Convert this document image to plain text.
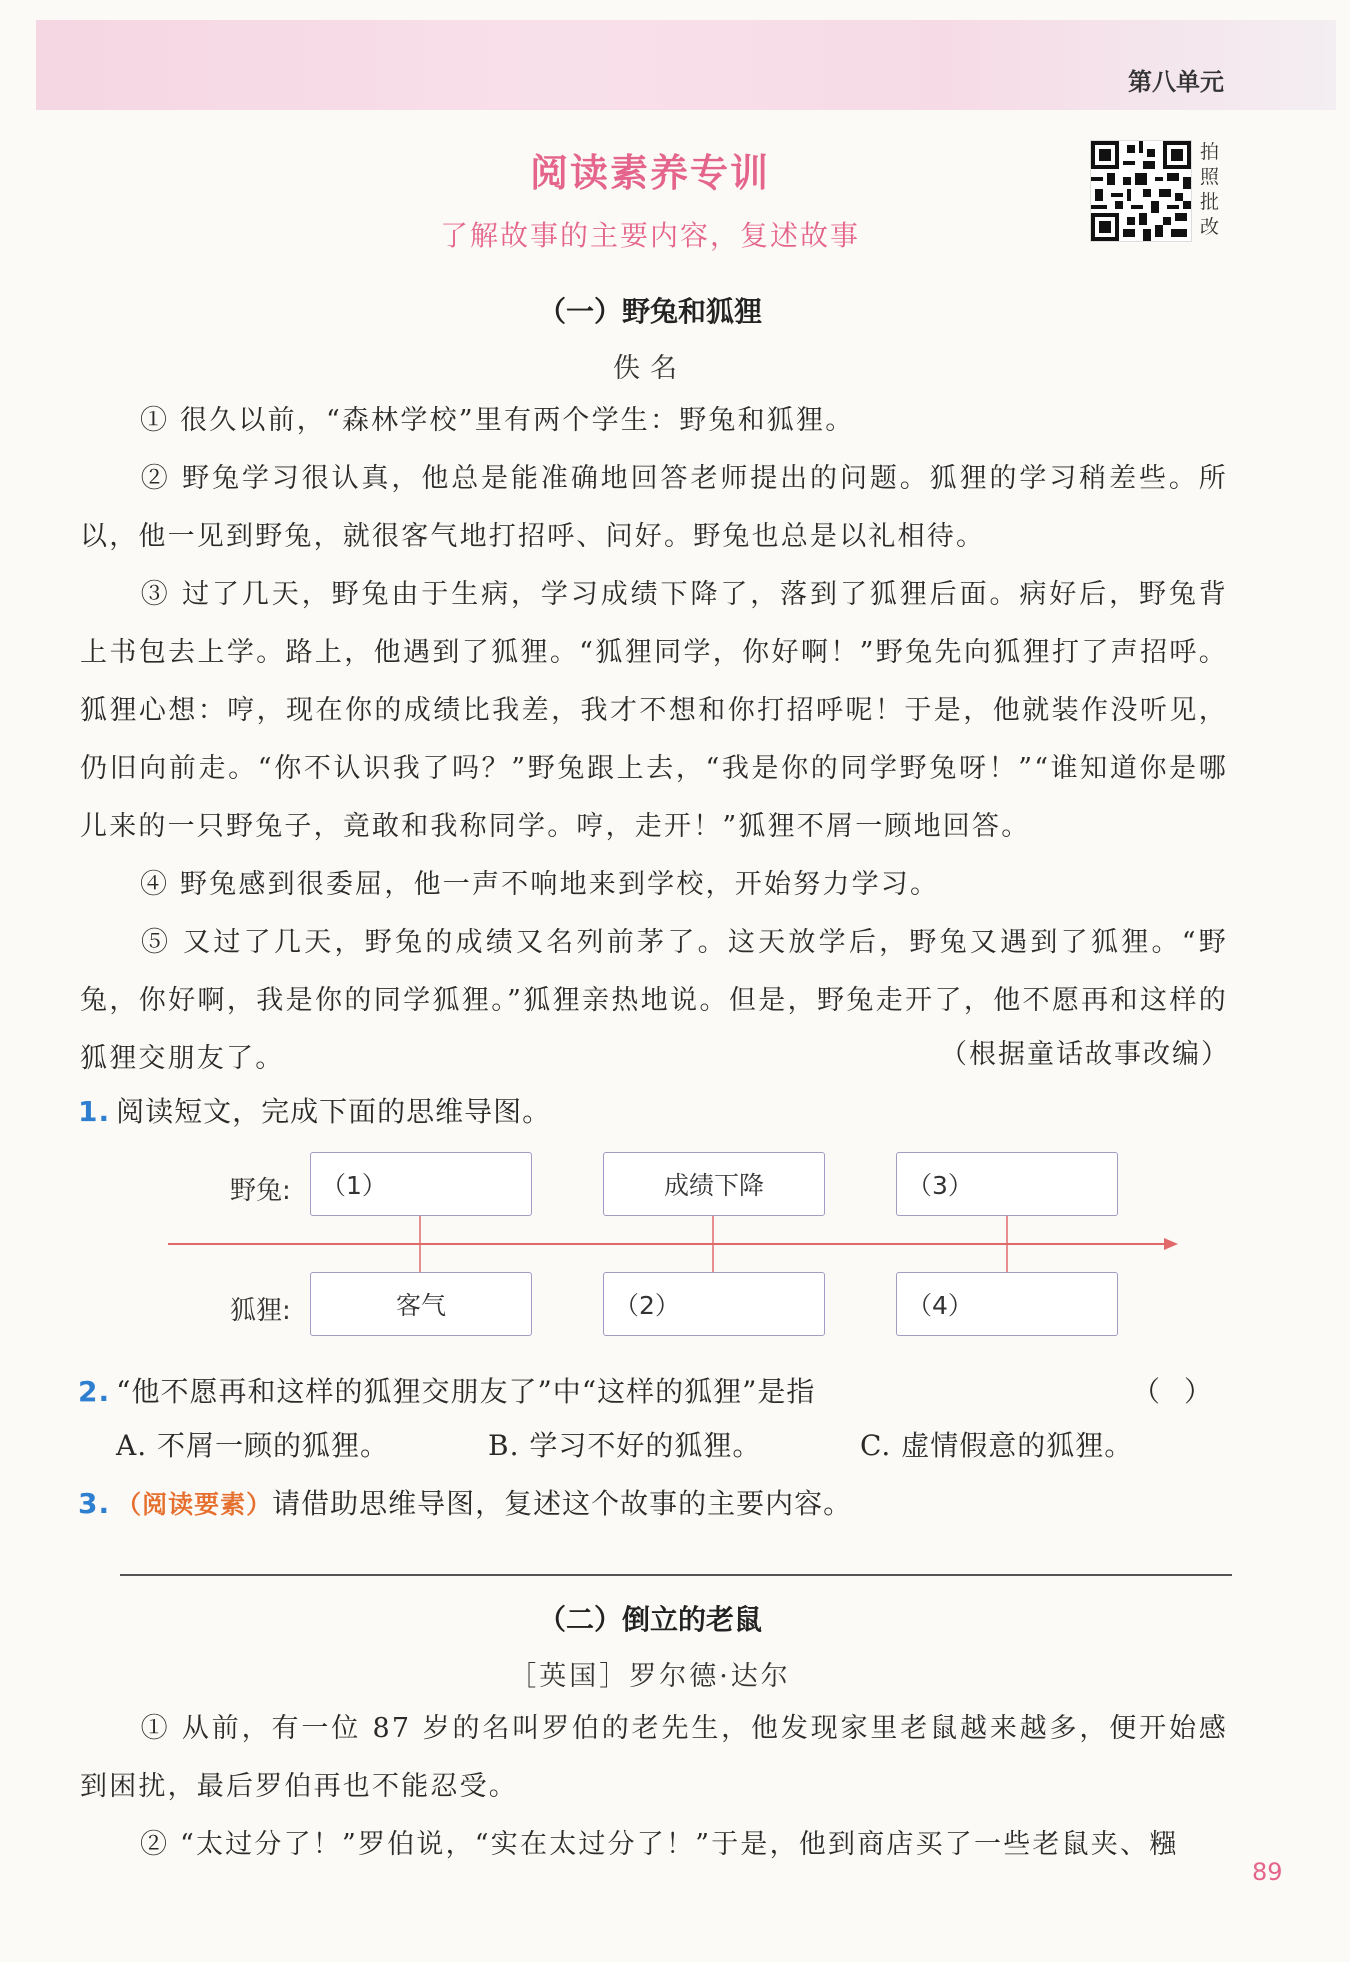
第八单元
阅读素养专训
了解故事的主要内容，复述故事
拍照批改
（一）野兔和狐狸
佚名
① 很久以前，“森林学校”里有两个学生：野兔和狐狸。
② 野兔学习很认真，他总是能准确地回答老师提出的问题。狐狸的学习稍差些。所以，他一见到野兔，就很客气地打招呼、问好。野兔也总是以礼相待。
③ 过了几天，野兔由于生病，学习成绩下降了，落到了狐狸后面。病好后，野兔背上书包去上学。路上，他遇到了狐狸。“狐狸同学，你好啊！”野兔先向狐狸打了声招呼。狐狸心想：哼，现在你的成绩比我差，我才不想和你打招呼呢！于是，他就装作没听见，仍旧向前走。“你不认识我了吗？”野兔跟上去，“我是你的同学野兔呀！”“谁知道你是哪儿来的一只野兔子，竟敢和我称同学。哼，走开！”狐狸不屑一顾地回答。
④ 野兔感到很委屈，他一声不响地来到学校，开始努力学习。
⑤ 又过了几天，野兔的成绩又名列前茅了。这天放学后，野兔又遇到了狐狸。“野兔，你好啊，我是你的同学狐狸。”狐狸亲热地说。但是，野兔走开了，他不愿再和这样的狐狸交朋友了。	（根据童话故事改编）
1. 阅读短文，完成下面的思维导图。
野兔:
狐狸:
（1）	成绩下降	（3）
客气	（2）	（4）
2. “他不愿再和这样的狐狸交朋友了”中“这样的狐狸”是指	（）
A. 不屑一顾的狐狸。	B. 学习不好的狐狸。	C. 虚情假意的狐狸。
3. （阅读要素）请借助思维导图，复述这个故事的主要内容。
（二）倒立的老鼠
［英国］罗尔德·达尔
① 从前，有一位 87 岁的名叫罗伯的老先生，他发现家里老鼠越来越多，便开始感到困扰，最后罗伯再也不能忍受。
② “太过分了！”罗伯说，“实在太过分了！”于是，他到商店买了一些老鼠夹、糨
89
